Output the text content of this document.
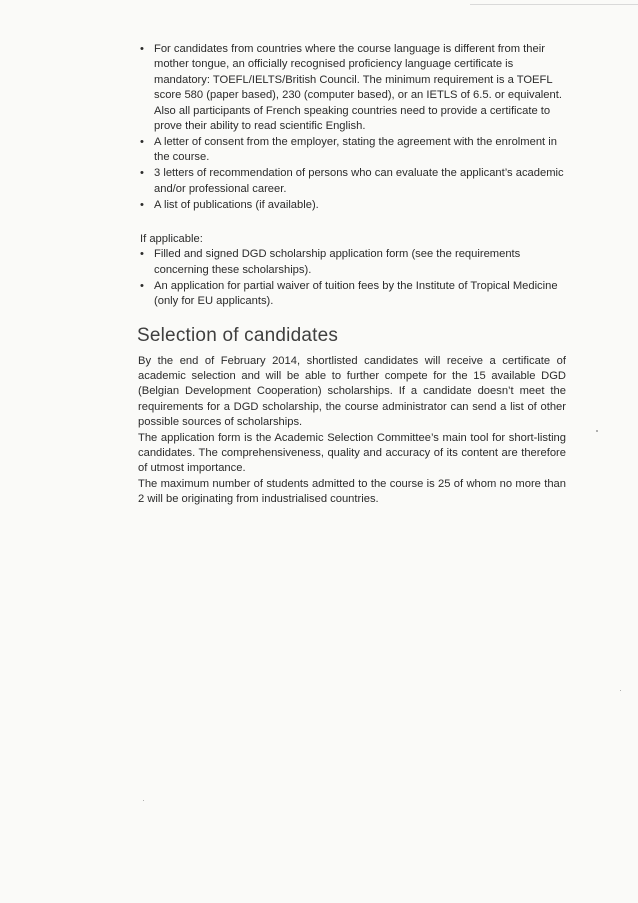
• For candidates from countries where the course language is different from their mother tongue, an officially recognised proficiency language certificate is mandatory: TOEFL/IELTS/British Council. The minimum requirement is a TOEFL score 580 (paper based), 230 (computer based), or an IETLS of 6.5. or equivalent. Also all participants of French speaking countries need to provide a certificate to prove their ability to read scientific English.
• A letter of consent from the employer, stating the agreement with the enrolment in the course.
• 3 letters of recommendation of persons who can evaluate the applicant’s academic and/or professional career.
• A list of publications (if available).
If applicable:
• Filled and signed DGD scholarship application form (see the requirements concerning these scholarships).
• An application for partial waiver of tuition fees by the Institute of Tropical Medicine (only for EU applicants).
Selection of candidates

By the end of February 2014, shortlisted candidates will receive a certificate of academic selection and will be able to further compete for the 15 available DGD (Belgian Development Cooperation) scholarships. If a candidate doesn’t meet the requirements for a DGD scholarship, the course administrator can send a list of other possible sources of scholarships.

The application form is the Academic Selection Committee’s main tool for short-listing candidates. The comprehensiveness, quality and accuracy of its content are therefore of utmost importance.

The maximum number of students admitted to the course is 25 of whom no more than 2 will be originating from industrialised countries.
